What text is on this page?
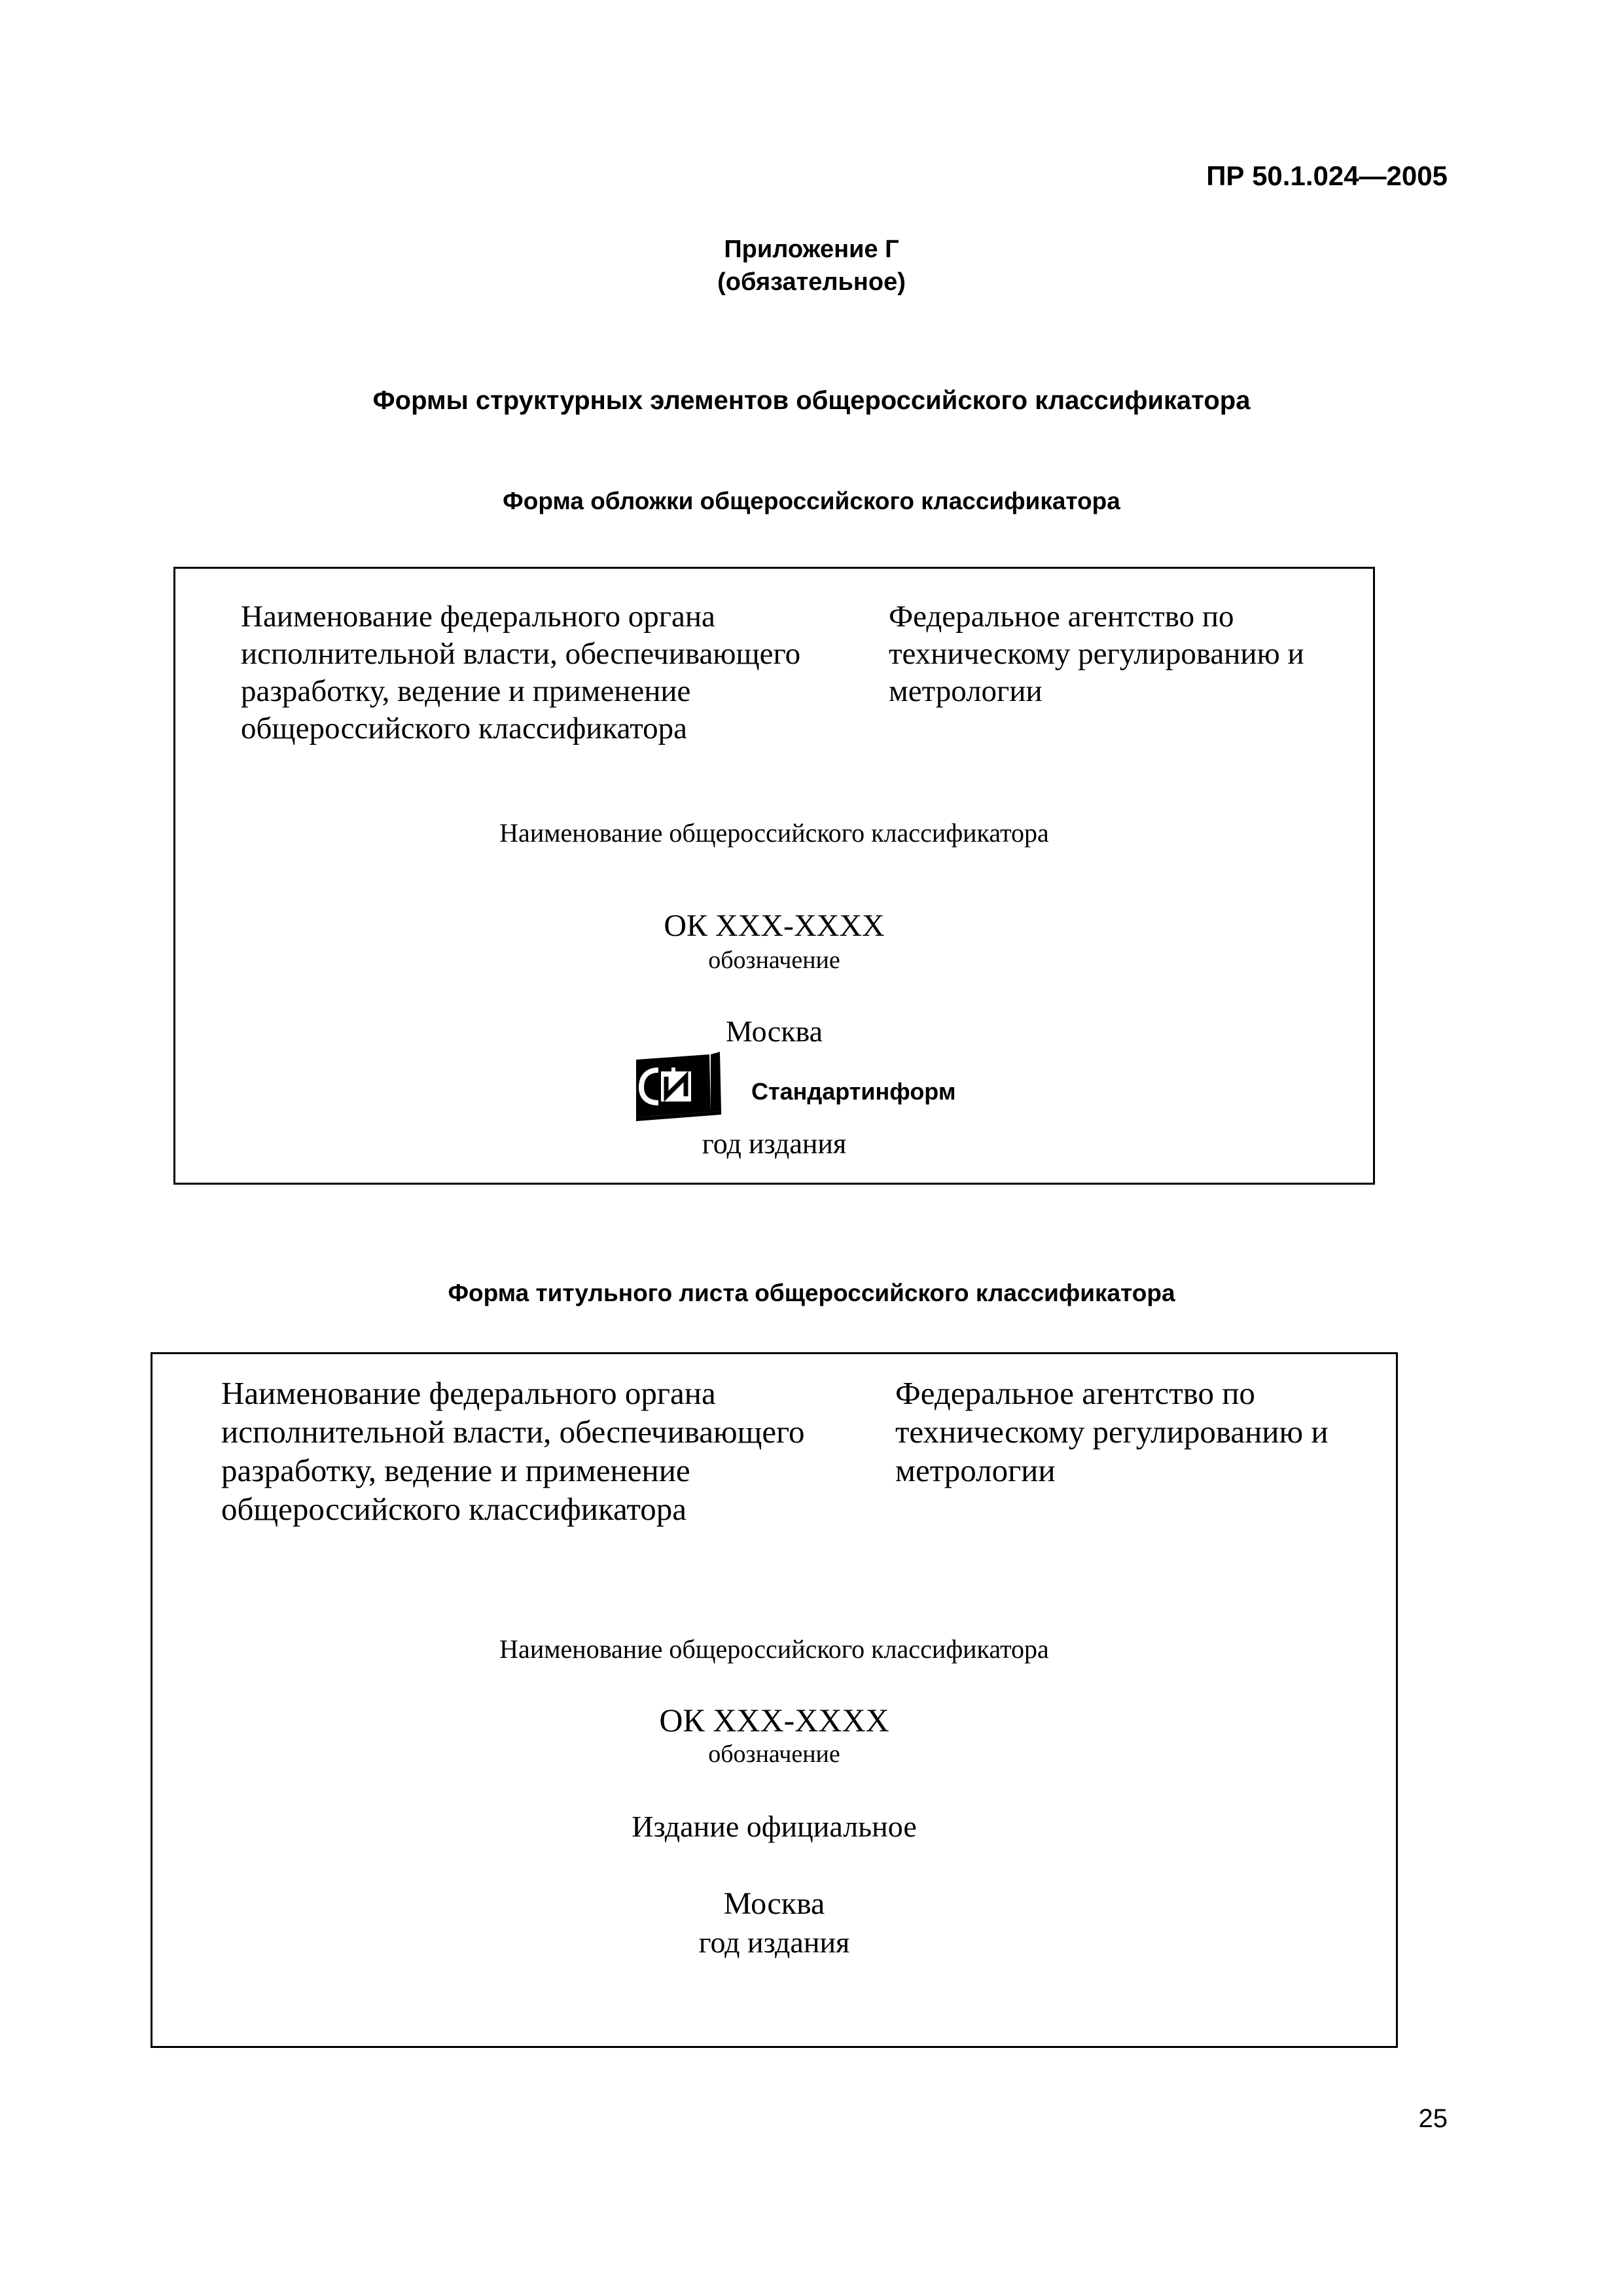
ПР 50.1.024—2005
Приложение Г
(обязательное)
Формы структурных элементов общероссийского классификатора
Форма обложки общероссийского классификатора
Наименование федерального органа
исполнительной власти, обеспечивающего
разработку, ведение и применение
общероссийского классификатора
Федеральное агентство по
техническому регулированию и
метрологии
Наименование общероссийского классификатора
ОК XXX-XXXX
обозначение
Москва
Стандартинформ
год издания
Форма титульного листа общероссийского классификатора
Наименование федерального органа
исполнительной власти, обеспечивающего
разработку, ведение и применение
общероссийского классификатора
Федеральное агентство по
техническому регулированию и
метрологии
Наименование общероссийского классификатора
ОК XXX-XXXX
обозначение
Издание официальное
Москва
год издания
25
